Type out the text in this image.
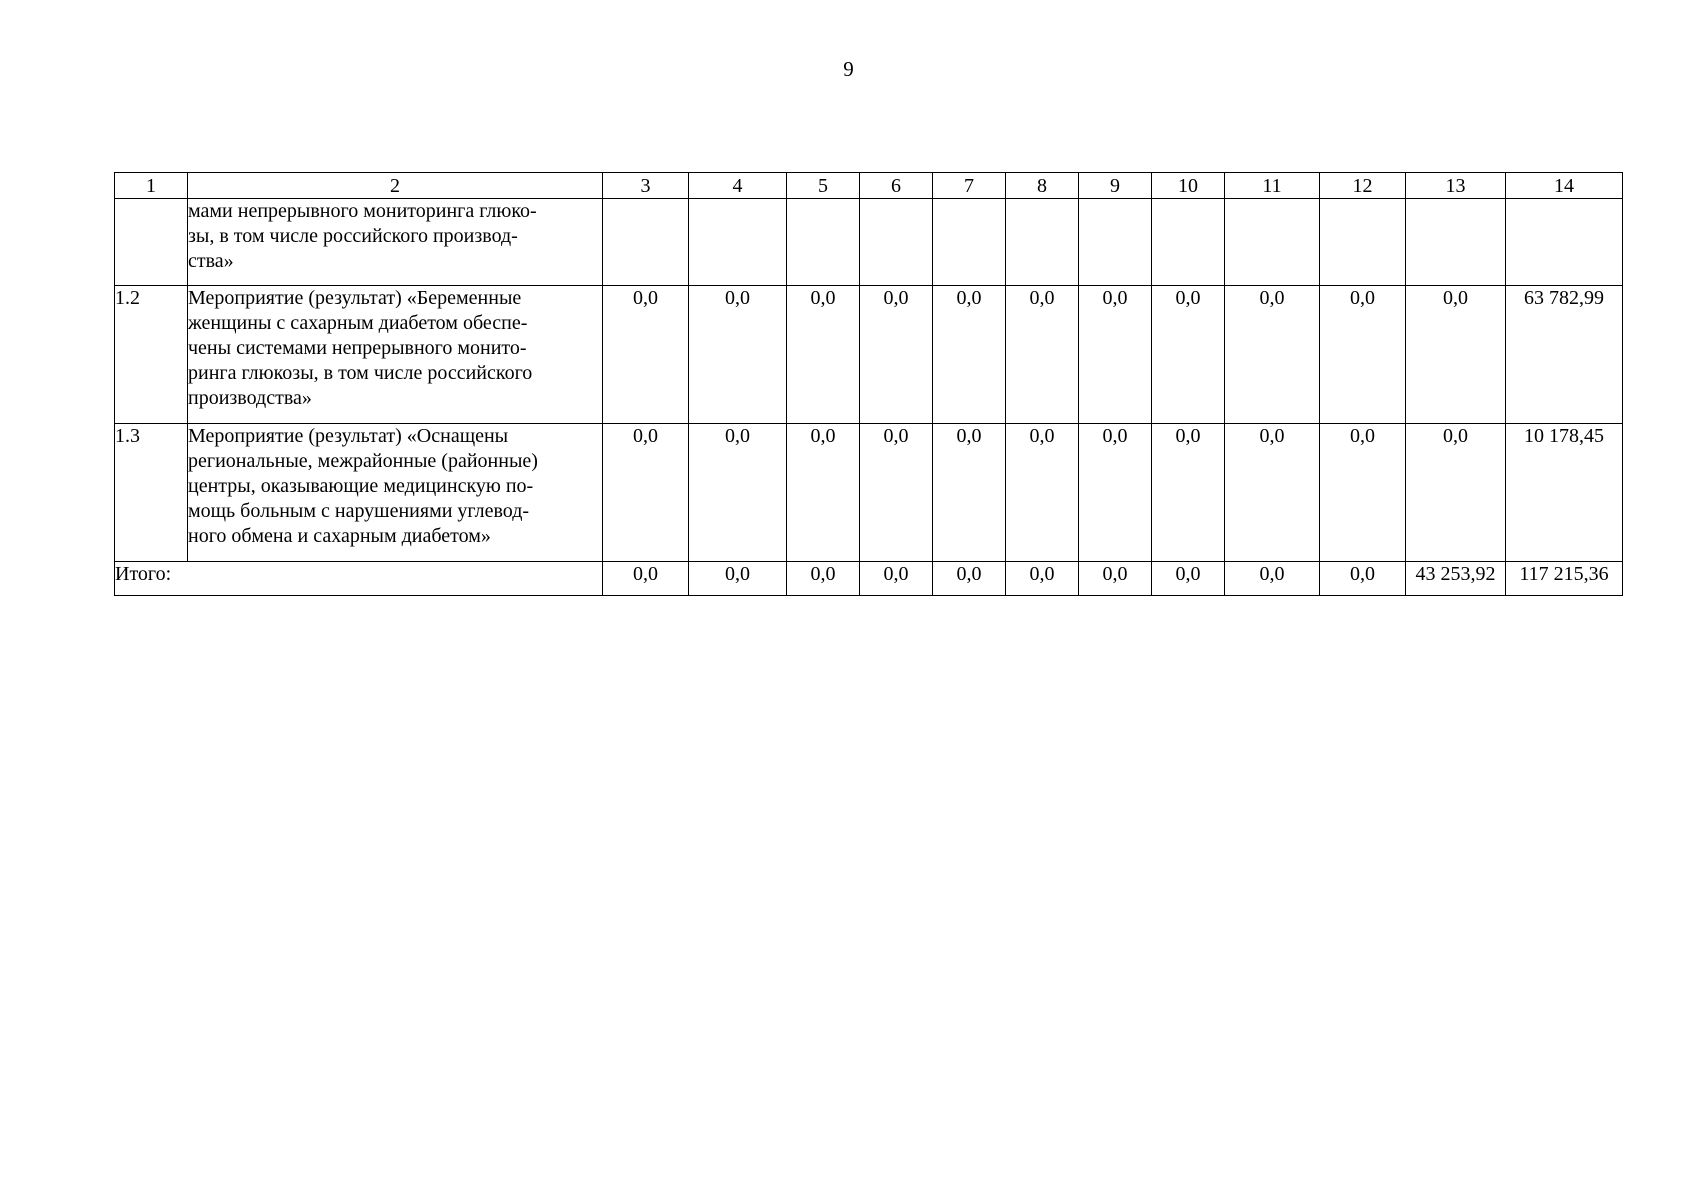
9
1	2	3	4	5	6	7	8	9	10	11	12	13	14

	мами непрерывного мониторинга глюко-
зы, в том числе российского производ-
ства»												

1.2	Мероприятие (результат) «Беременные
женщины с сахарным диабетом обеспе-
чены системами непрерывного монито-
ринга глюкозы, в том числе российского
производства»	0,0	0,0	0,0	0,0	0,0	0,0	0,0	0,0	0,0	0,0	0,0	63 782,99
1.3	Мероприятие (результат) «Оснащены
региональные, межрайонные (районные)
центры, оказывающие медицинскую по-
мощь больным с нарушениями углевод-
ного обмена и сахарным диабетом»	0,0	0,0	0,0	0,0	0,0	0,0	0,0	0,0	0,0	0,0	0,0	10 178,45
Итого:		0,0	0,0	0,0	0,0	0,0	0,0	0,0	0,0	0,0	0,0	43 253,92	117 215,36
